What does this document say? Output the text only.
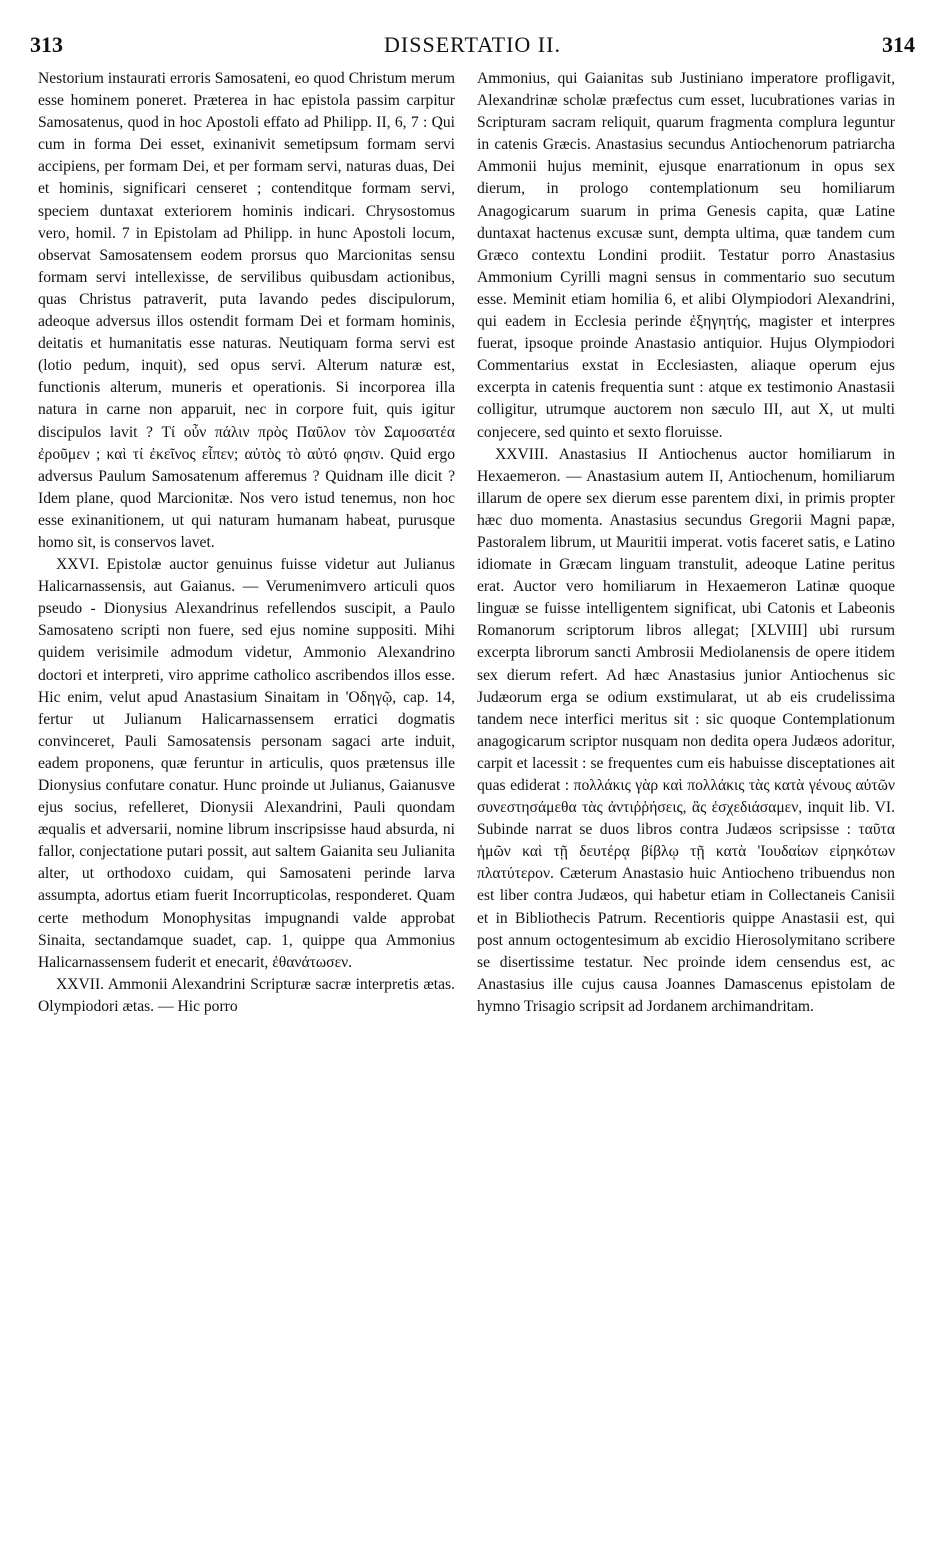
313	DISSERTATIO II.	314

Nestorium instaurati erroris Samosateni, eo quod Christum merum esse hominem poneret. Præterea in hac epistola passim carpitur Samosatenus, quod in hoc Apostoli effato ad Philipp. II, 6, 7 : Qui cum in forma Dei esset, exinanivit semetipsum formam servi accipiens, per formam Dei, et per formam servi, naturas duas, Dei et hominis, significari censeret ; contenditque formam servi, speciem duntaxat exteriorem hominis indicari. Chrysostomus vero, homil. 7 in Epistolam ad Philipp. in hunc Apostoli locum, observat Samosatensem eodem prorsus quo Marcionitas sensu formam servi intellexisse, de servilibus quibusdam actionibus, quas Christus patraverit, puta lavando pedes discipulorum, adeoque adversus illos ostendit formam Dei et formam hominis, deitatis et humanitatis esse naturas. Neutiquam forma servi est (lotio pedum, inquit), sed opus servi. Alterum naturæ est, functionis alterum, muneris et operationis. Si incorporea illa natura in carne non apparuit, nec in corpore fuit, quis igitur discipulos lavit ? Τί οὖν πάλιν πρὸς Παῦλον τὸν Σαμοσατέα ἐροῦμεν ; καὶ τί ἐκεῖνος εἶπεν; αὐτὸς τὸ αὐτό φησιν. Quid ergo adversus Paulum Samosatenum afferemus ? Quidnam ille dicit ? Idem plane, quod Marcionitæ. Nos vero istud tenemus, non hoc esse exinanitionem, ut qui naturam humanam habeat, purusque homo sit, is conservos lavet.

XXVI. Epistolæ auctor genuinus fuisse videtur aut Julianus Halicarnassensis, aut Gaianus. — Verumenimvero articuli quos pseudo - Dionysius Alexandrinus refellendos suscipit, a Paulo Samosateno scripti non fuere, sed ejus nomine suppositi. Mihi quidem verisimile admodum videtur, Ammonio Alexandrino doctori et interpreti, viro apprime catholico ascribendos illos esse. Hic enim, velut apud Anastasium Sinaitam in 'Οδηγῷ, cap. 14, fertur ut Julianum Halicarnassensem erratici dogmatis convinceret, Pauli Samosatensis personam sagaci arte induit, eadem proponens, quæ feruntur in articulis, quos prætensus ille Dionysius confutare conatur. Hunc proinde ut Julianus, Gaianusve ejus socius, refelleret, Dionysii Alexandrini, Pauli quondam æqualis et adversarii, nomine librum inscripsisse haud absurda, ni fallor, conjectatione putari possit, aut saltem Gaianita seu Julianita alter, ut orthodoxo cuidam, qui Samosateni perinde larva assumpta, adortus etiam fuerit Incorrupticolas, responderet. Quam certe methodum Monophysitas impugnandi valde approbat Sinaita, sectandamque suadet, cap. 1, quippe qua Ammonius Halicarnassensem fuderit et enecarit, ἐθανάτωσεν.

XXVII. Ammonii Alexandrini Scripturæ sacræ interpretis ætas. Olympiodori ætas. — Hic porro

Ammonius, qui Gaianitas sub Justiniano imperatore profligavit, Alexandrinæ scholæ præfectus cum esset, lucubrationes varias in Scripturam sacram reliquit, quarum fragmenta complura leguntur in catenis Græcis. Anastasius secundus Antiochenorum patriarcha Ammonii hujus meminit, ejusque enarrationum in opus sex dierum, in prologo contemplationum seu homiliarum Anagogicarum suarum in prima Genesis capita, quæ Latine duntaxat hactenus excusæ sunt, dempta ultima, quæ tandem cum Græco contextu Londini prodiit. Testatur porro Anastasius Ammonium Cyrilli magni sensus in commentario suo secutum esse. Meminit etiam homilia 6, et alibi Olympiodori Alexandrini, qui eadem in Ecclesia perinde ἐξηγητής, magister et interpres fuerat, ipsoque proinde Anastasio antiquior. Hujus Olympiodori Commentarius exstat in Ecclesiasten, aliaque operum ejus excerpta in catenis frequentia sunt : atque ex testimonio Anastasii colligitur, utrumque auctorem non sæculo III, aut X, ut multi conjecere, sed quinto et sexto floruisse.

XXVIII. Anastasius II Antiochenus auctor homiliarum in Hexaemeron. — Anastasium autem II, Antiochenum, homiliarum illarum de opere sex dierum esse parentem dixi, in primis propter hæc duo momenta. Anastasius secundus Gregorii Magni papæ, Pastoralem librum, ut Mauritii imperat. votis faceret satis, e Latino idiomate in Græcam linguam transtulit, adeoque Latine peritus erat. Auctor vero homiliarum in Hexaemeron Latinæ quoque linguæ se fuisse intelligentem significat, ubi Catonis et Labeonis Romanorum scriptorum libros allegat; [XLVIII] ubi rursum excerpta librorum sancti Ambrosii Mediolanensis de opere itidem sex dierum refert. Ad hæc Anastasius junior Antiochenus sic Judæorum erga se odium exstimularat, ut ab eis crudelissima tandem nece interfici meritus sit : sic quoque Contemplationum anagogicarum scriptor nusquam non dedita opera Judæos adoritur, carpit et lacessit : se frequentes cum eis habuisse disceptationes ait quas ediderat : πολλάκις γὰρ καὶ πολλάκις τὰς κατὰ γένους αὐτῶν συνεστησάμεθα τὰς ἀντιῤῥήσεις, ἃς ἐσχεδιάσαμεν, inquit lib. VI. Subinde narrat se duos libros contra Judæos scripsisse : ταῦτα ἡμῶν καὶ τῇ δευτέρᾳ βίβλῳ τῇ κατὰ 'Ιουδαίων εἰρηκότων πλατύτερον. Cæterum Anastasio huic Antiocheno tribuendus non est liber contra Judæos, qui habetur etiam in Collectaneis Canisii et in Bibliothecis Patrum. Recentioris quippe Anastasii est, qui post annum octogentesimum ab excidio Hierosolymitano scribere se disertissime testatur. Nec proinde idem censendus est, ac Anastasius ille cujus causa Joannes Damascenus epistolam de hymno Trisagio scripsit ad Jordanem archimandritam.
